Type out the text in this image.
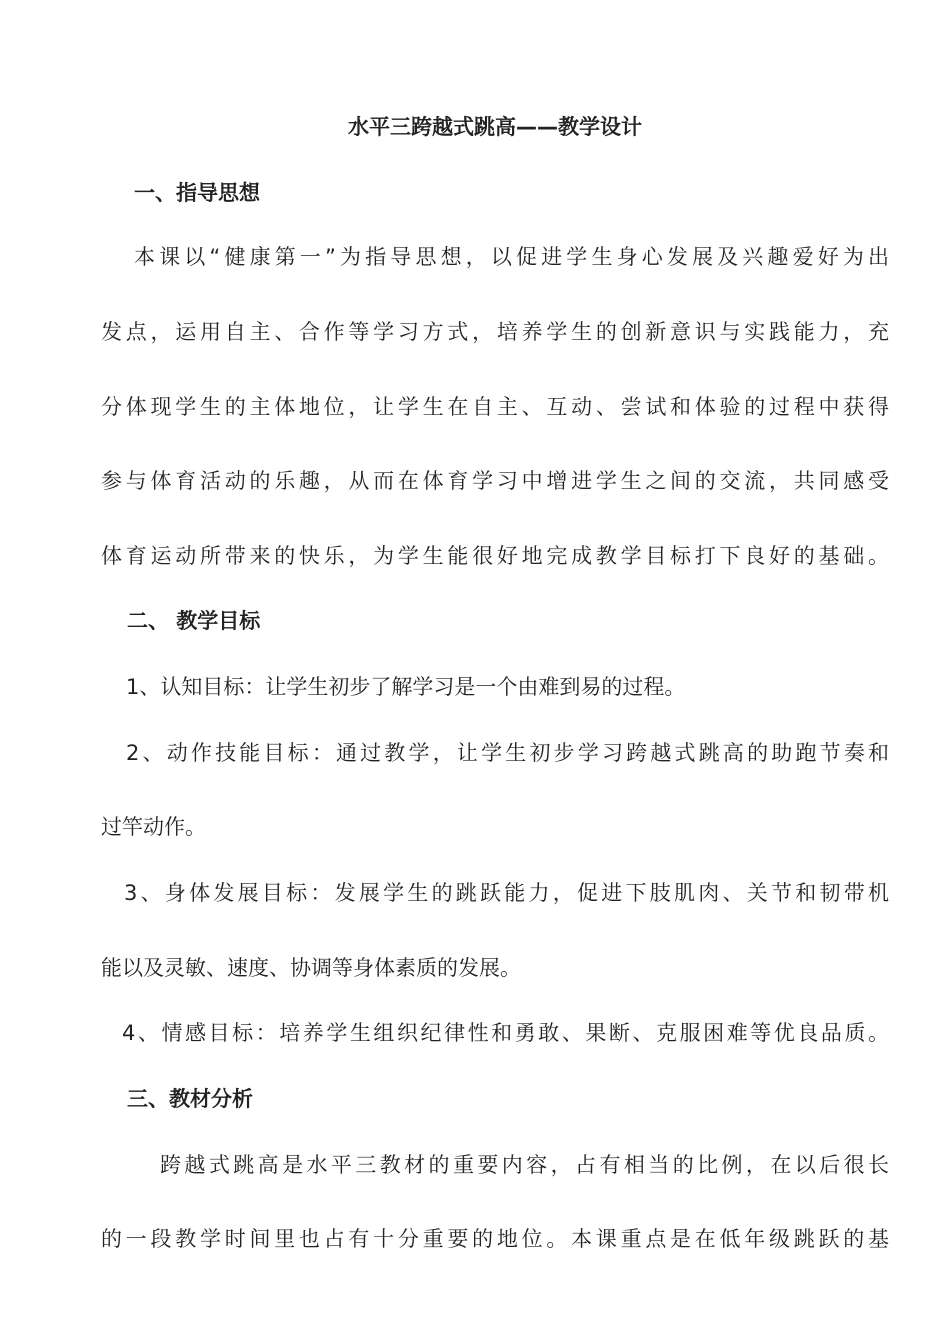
水平三跨越式跳高——教学设计
一、指导思想
本课以“健康第一”为指导思想，以促进学生身心发展及兴趣爱好为出
发点，运用自主、合作等学习方式，培养学生的创新意识与实践能力，充
分体现学生的主体地位，让学生在自主、互动、尝试和体验的过程中获得
参与体育活动的乐趣，从而在体育学习中增进学生之间的交流，共同感受
体育运动所带来的快乐，为学生能很好地完成教学目标打下良好的基础。
二、 教学目标
1、认知目标：让学生初步了解学习是一个由难到易的过程。
2、动作技能目标：通过教学，让学生初步学习跨越式跳高的助跑节奏和
过竿动作。
3、身体发展目标：发展学生的跳跃能力，促进下肢肌肉、关节和韧带机
能以及灵敏、速度、协调等身体素质的发展。
4、情感目标：培养学生组织纪律性和勇敢、果断、克服困难等优良品质。
三、教材分析
跨越式跳高是水平三教材的重要内容，占有相当的比例，在以后很长
的一段教学时间里也占有十分重要的地位。本课重点是在低年级跳跃的基
